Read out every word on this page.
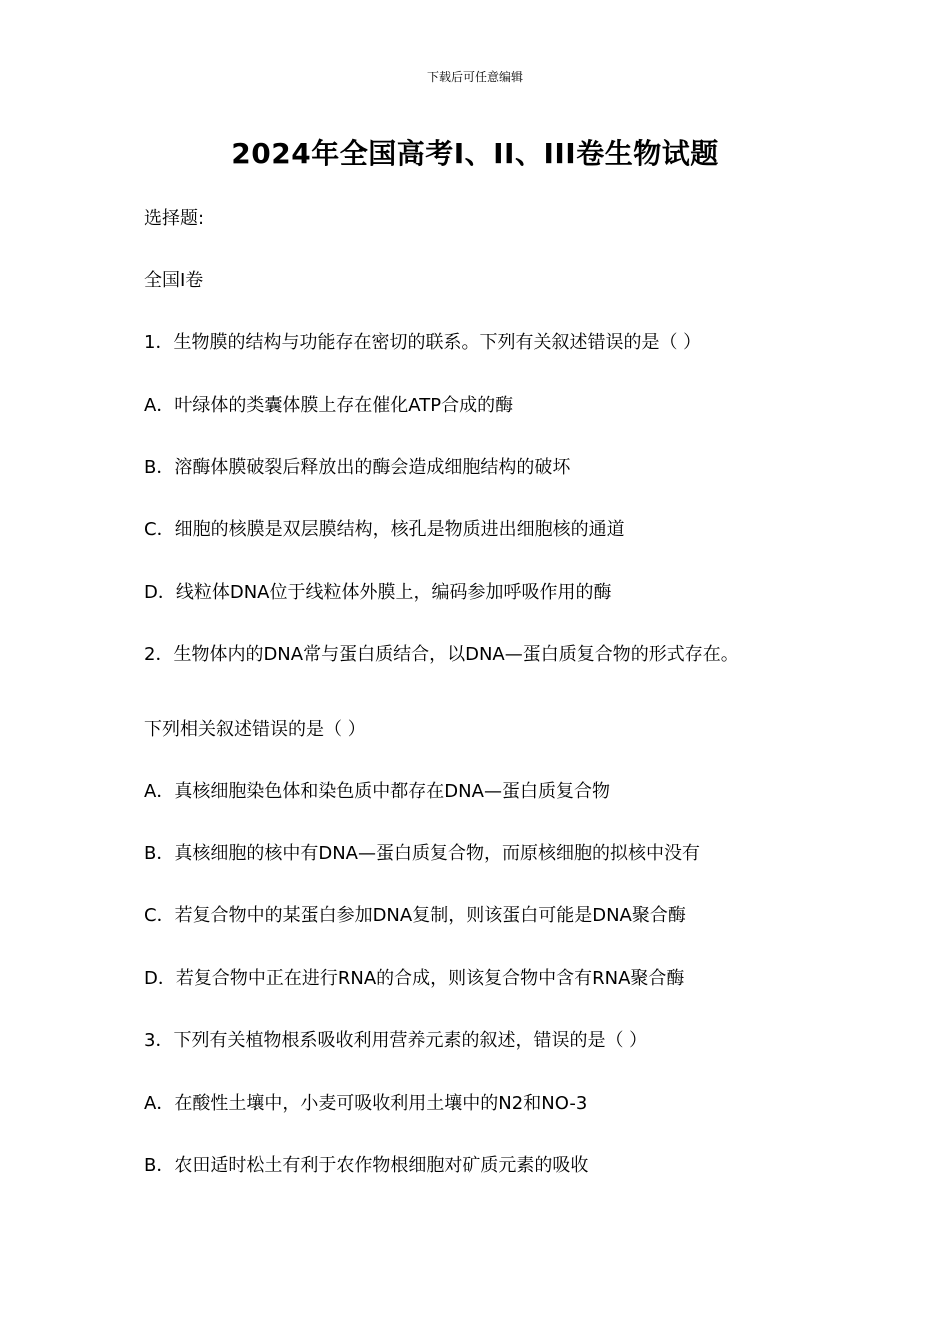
下载后可任意编辑
2024年全国高考I、II、III卷生物试题
选择题:
全国I卷
1．生物膜的结构与功能存在密切的联系。下列有关叙述错误的是（ ）
A．叶绿体的类囊体膜上存在催化ATP合成的酶
B．溶酶体膜破裂后释放出的酶会造成细胞结构的破坏
C．细胞的核膜是双层膜结构，核孔是物质进出细胞核的通道
D．线粒体DNA位于线粒体外膜上，编码参加呼吸作用的酶
2．生物体内的DNA常与蛋白质结合，以DNA—蛋白质复合物的形式存在。
下列相关叙述错误的是（ ）
A．真核细胞染色体和染色质中都存在DNA—蛋白质复合物
B．真核细胞的核中有DNA—蛋白质复合物，而原核细胞的拟核中没有
C．若复合物中的某蛋白参加DNA复制，则该蛋白可能是DNA聚合酶
D．若复合物中正在进行RNA的合成，则该复合物中含有RNA聚合酶
3．下列有关植物根系吸收利用营养元素的叙述，错误的是（ ）
A．在酸性土壤中，小麦可吸收利用土壤中的N2和NO-3
B．农田适时松土有利于农作物根细胞对矿质元素的吸收
